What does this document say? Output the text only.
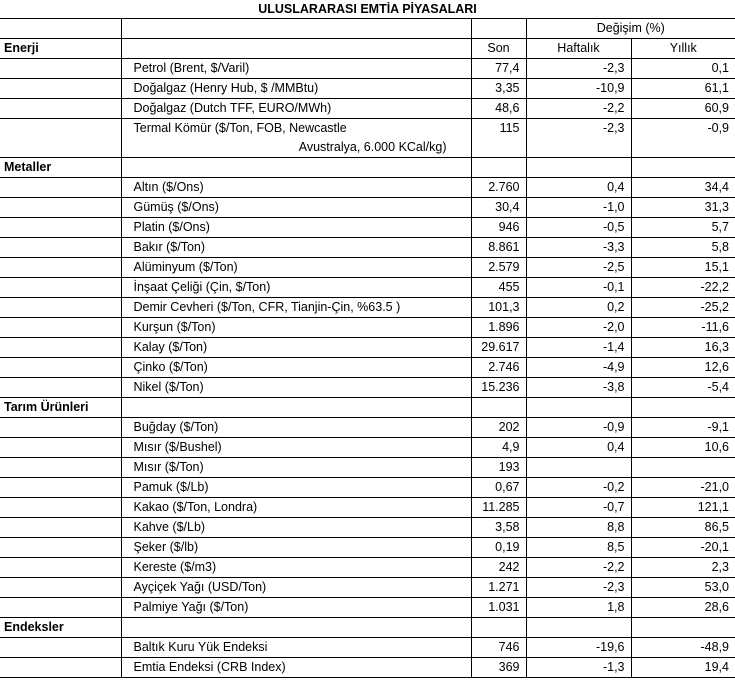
ULUSLARARASI EMTİA PİYASALARI
			Değişim (%)	
Enerji		Son	Haftalık	Yıllık
	Petrol (Brent, $/Varil)	77,4	-2,3	0,1
	Doğalgaz (Henry Hub, $ /MMBtu)	3,35	-10,9	61,1
	Doğalgaz (Dutch TFF, EURO/MWh)	48,6	-2,2	60,9

	Termal Kömür ($/Ton, FOB, Newcastle
Avustralya, 6.000 KCal/kg)	115	-2,3	-0,9
Metaller				
	Altın ($/Ons)	2.760	0,4	34,4
	Gümüş ($/Ons)	30,4	-1,0	31,3
	Platin ($/Ons)	946	-0,5	5,7
	Bakır ($/Ton)	8.861	-3,3	5,8
	Alüminyum ($/Ton)	2.579	-2,5	15,1
	İnşaat Çeliği (Çin, $/Ton)	455	-0,1	-22,2
	Demir Cevheri ($/Ton, CFR, Tianjin-Çin, %63.5 )	101,3	0,2	-25,2
	Kurşun ($/Ton)	1.896	-2,0	-11,6
	Kalay ($/Ton)	29.617	-1,4	16,3
	Çinko ($/Ton)	2.746	-4,9	12,6
	Nikel ($/Ton)	15.236	-3,8	-5,4
Tarım Ürünleri				
	Buğday ($/Ton)	202	-0,9	-9,1
	Mısır ($/Bushel)	4,9	0,4	10,6
	Mısır ($/Ton)	193		
	Pamuk ($/Lb)	0,67	-0,2	-21,0
	Kakao ($/Ton, Londra)	11.285	-0,7	121,1
	Kahve ($/Lb)	3,58	8,8	86,5
	Şeker ($/lb)	0,19	8,5	-20,1
	Kereste ($/m3)	242	-2,2	2,3
	Ayçiçek Yağı (USD/Ton)	1.271	-2,3	53,0
	Palmiye Yağı ($/Ton)	1.031	1,8	28,6
Endeksler				
	Baltık Kuru Yük Endeksi	746	-19,6	-48,9
	Emtia Endeksi (CRB Index)	369	-1,3	19,4
